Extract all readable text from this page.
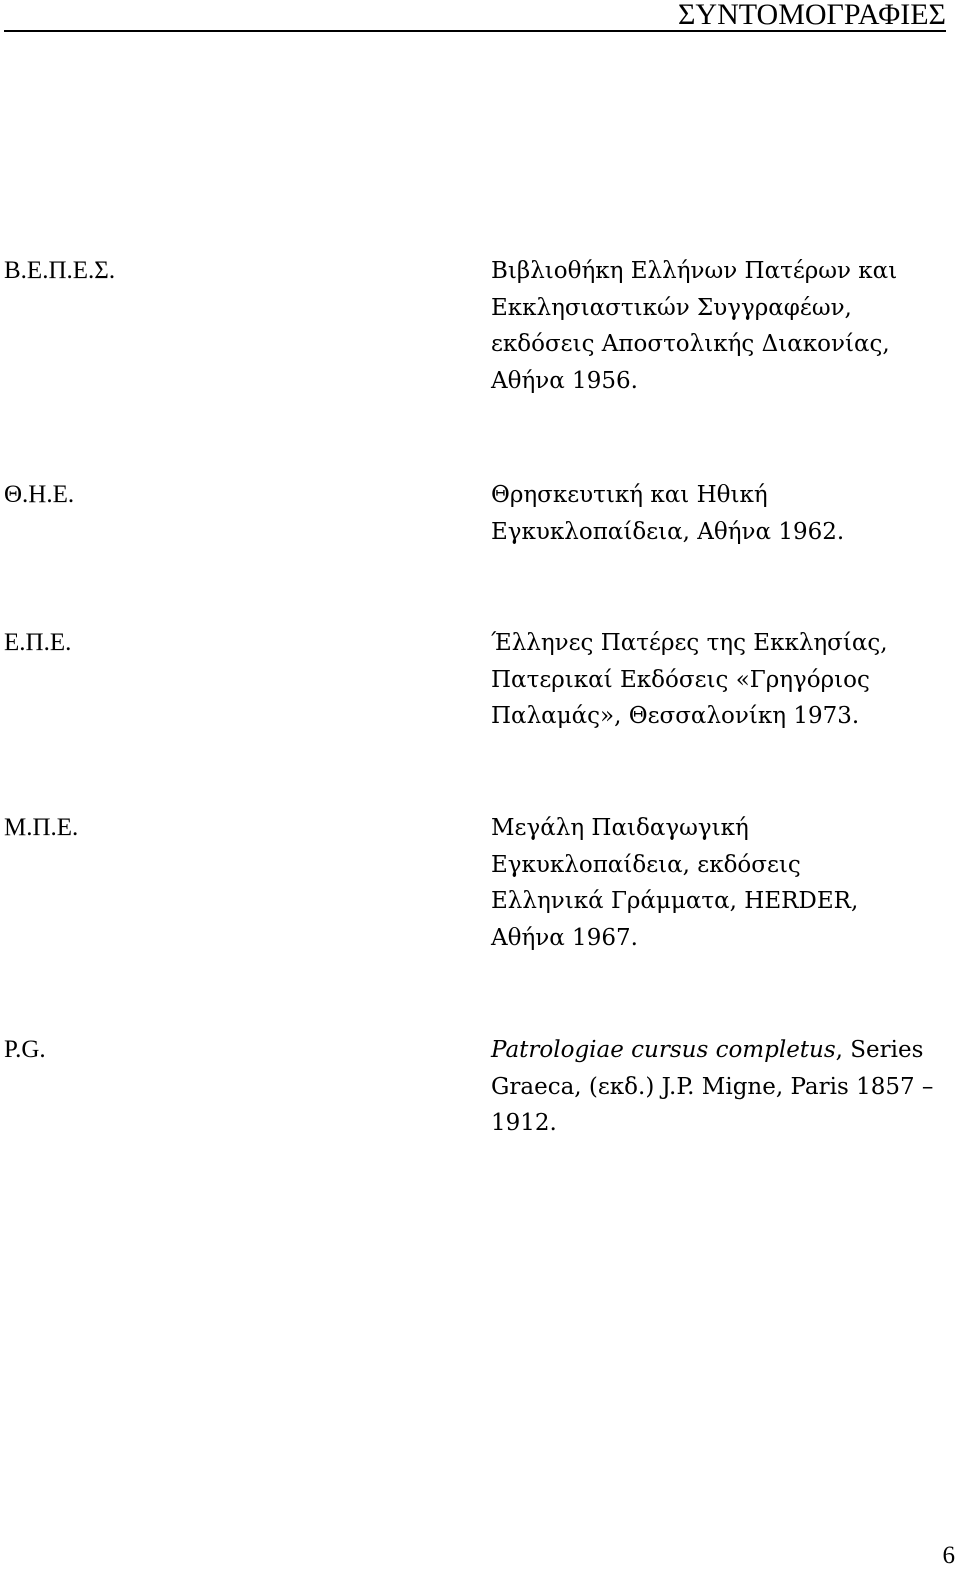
ΣΥΝΤΟΜΟΓΡΑΦΙΕΣ
Β.Ε.Π.Ε.Σ.	Βιβλιοθήκη Ελλήνων Πατέρων και
Εκκλησιαστικών Συγγραφέων,
εκδόσεις Αποστολικής Διακονίας,
Αθήνα 1956.
Θ.Η.Ε.	Θρησκευτική και Ηθική
Εγκυκλοπαίδεια, Αθήνα 1962.
Ε.Π.Ε.	Έλληνες Πατέρες της Εκκλησίας,
Πατερικαί Εκδόσεις «Γρηγόριος
Παλαμάς», Θεσσαλονίκη 1973.
Μ.Π.Ε.	Μεγάλη Παιδαγωγική
Εγκυκλοπαίδεια, εκδόσεις
Ελληνικά Γράμματα, HERDER,
Αθήνα 1967.
P.G.	Patrologiae cursus completus, Series
Graeca, (εκδ.) J.P. Migne, Paris 1857 –
1912.
6
